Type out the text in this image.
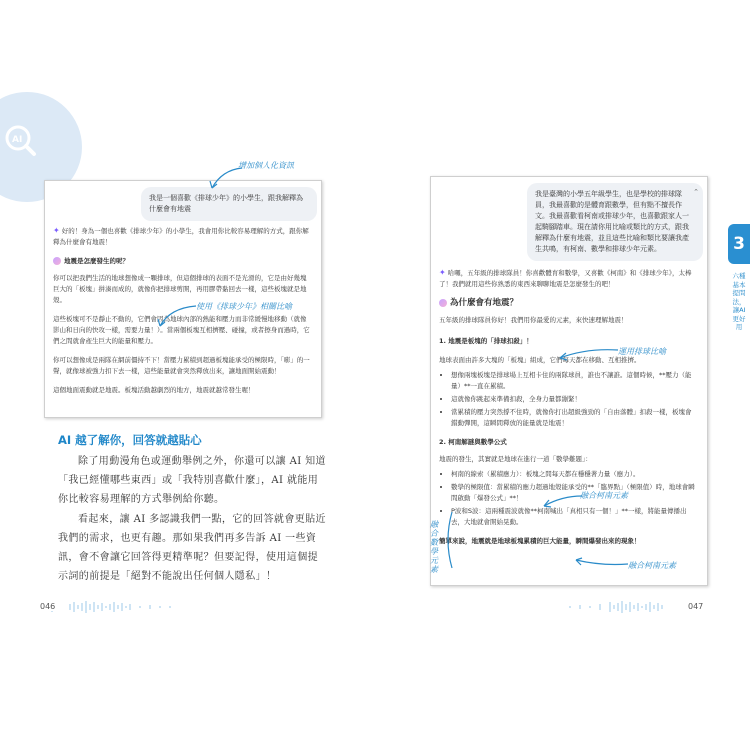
AI
我是一個喜歡《排球少年》的小學生，跟我解釋為什麼會有地震
✦ 好的！身為一個也喜歡《排球少年》的小學生，我會用你比較容易理解的方式，跟你解釋為什麼會有地震！
地震是怎麼發生的呢？
你可以把我們生活的地球想像成一顆排球，但這個排球的表面不是光滑的，它是由好幾塊巨大的「板塊」拼湊而成的，就像你把排球剪開，再用膠帶黏回去一樣，這些板塊就是地殼。
這些板塊可不是靜止不動的，它們會因為地球內部的熱能和壓力而非常緩慢地移動（就像影山和日向的快攻一樣，需要力量！）。當兩個板塊互相擠壓、碰撞，或者擦身而過時，它們之間就會產生巨大的能量和壓力。
你可以想像成是兩隊在網前僵持不下！當壓力累積到超過板塊能承受的極限時，「嘭」的一聲，就像球被強力扣下去一樣，這些能量就會突然釋放出來，讓地面開始震動！
這個地面震動就是地震。板塊活動越劇烈的地方，地震就越常發生喔！
增加個人化資訊
使用《排球少年》相關比喻
AI 越了解你，回答就越貼心
除了用動漫角色或運動舉例之外，你還可以讓 AI 知道「我已經懂哪些東西」或「我特別喜歡什麼」，AI 就能用你比較容易理解的方式舉例給你聽。
看起來，讓 AI 多認識我們一點，它的回答就會更貼近我們的需求，也更有趣。那如果我們再多告訴 AI 一些資訊，會不會讓它回答得更精準呢？但要記得，使用這個提示詞的前提是「絕對不能說出任何個人隱私」！
我是臺灣的小學五年級學生，也是學校的排球隊員，我最喜歡的是體育跟數學，但有點不擅長作文。我最喜歡看柯南或排球少年，也喜歡跟家人一起騎腳踏車。現在請你用比喻或類比的方式，跟我解釋為什麼有地震，並且這些比喻和類比要讓我產生共鳴，有柯南、數學和排球少年元素。
⌃
✦ 哈囉，五年級的排球隊員！你喜歡體育和數學，又喜歡《柯南》和《排球少年》，太棒了！我們就用這些你熟悉的東西來聊聊地震是怎麼發生的吧！
為什麼會有地震？
五年級的排球隊員你好！我們用你最愛的元素，來快速理解地震！
1. 地震是板塊的「排球扣殺」！
地球表面由許多大塊的「板塊」組成，它們每天都在移動、互相推擠。
• 想像兩塊板塊是排球場上互相卡住的兩隊球員，誰也不讓誰。這個時候，**壓力（能量）**一直在累積。
• 這就像你跳起來準備扣殺，全身力量都繃緊！
• 當累積的壓力突然撐不住時，就像你打出超級強勁的「自由落體」扣殺一樣，板塊會錯動彈開，這瞬間釋放的能量就是地震！
2. 柯南解謎與數學公式
地震的發生，其實就是地球在進行一道「數學難題」：
• 柯南的線索（累積應力）：板塊之間每天都在穩穩著力量（應力）。
• 數學的極限值：當累積的應力超過地殼能承受的**「臨界點」（極限值）時，地球會瞬間啟動「爆發公式」**！
• P波和S波：這兩種震波就像**柯南喊出「真相只有一個！」**一樣，將能量傳播出去，大地就會開始晃動。
簡單來說，地震就是地球板塊累積的巨大能量，瞬間爆發出來的現象！
運用排球比喻
融合柯南元素
融合柯南元素
融合數學元素
3
六種基本提問法，讓AI更好用
046	047
